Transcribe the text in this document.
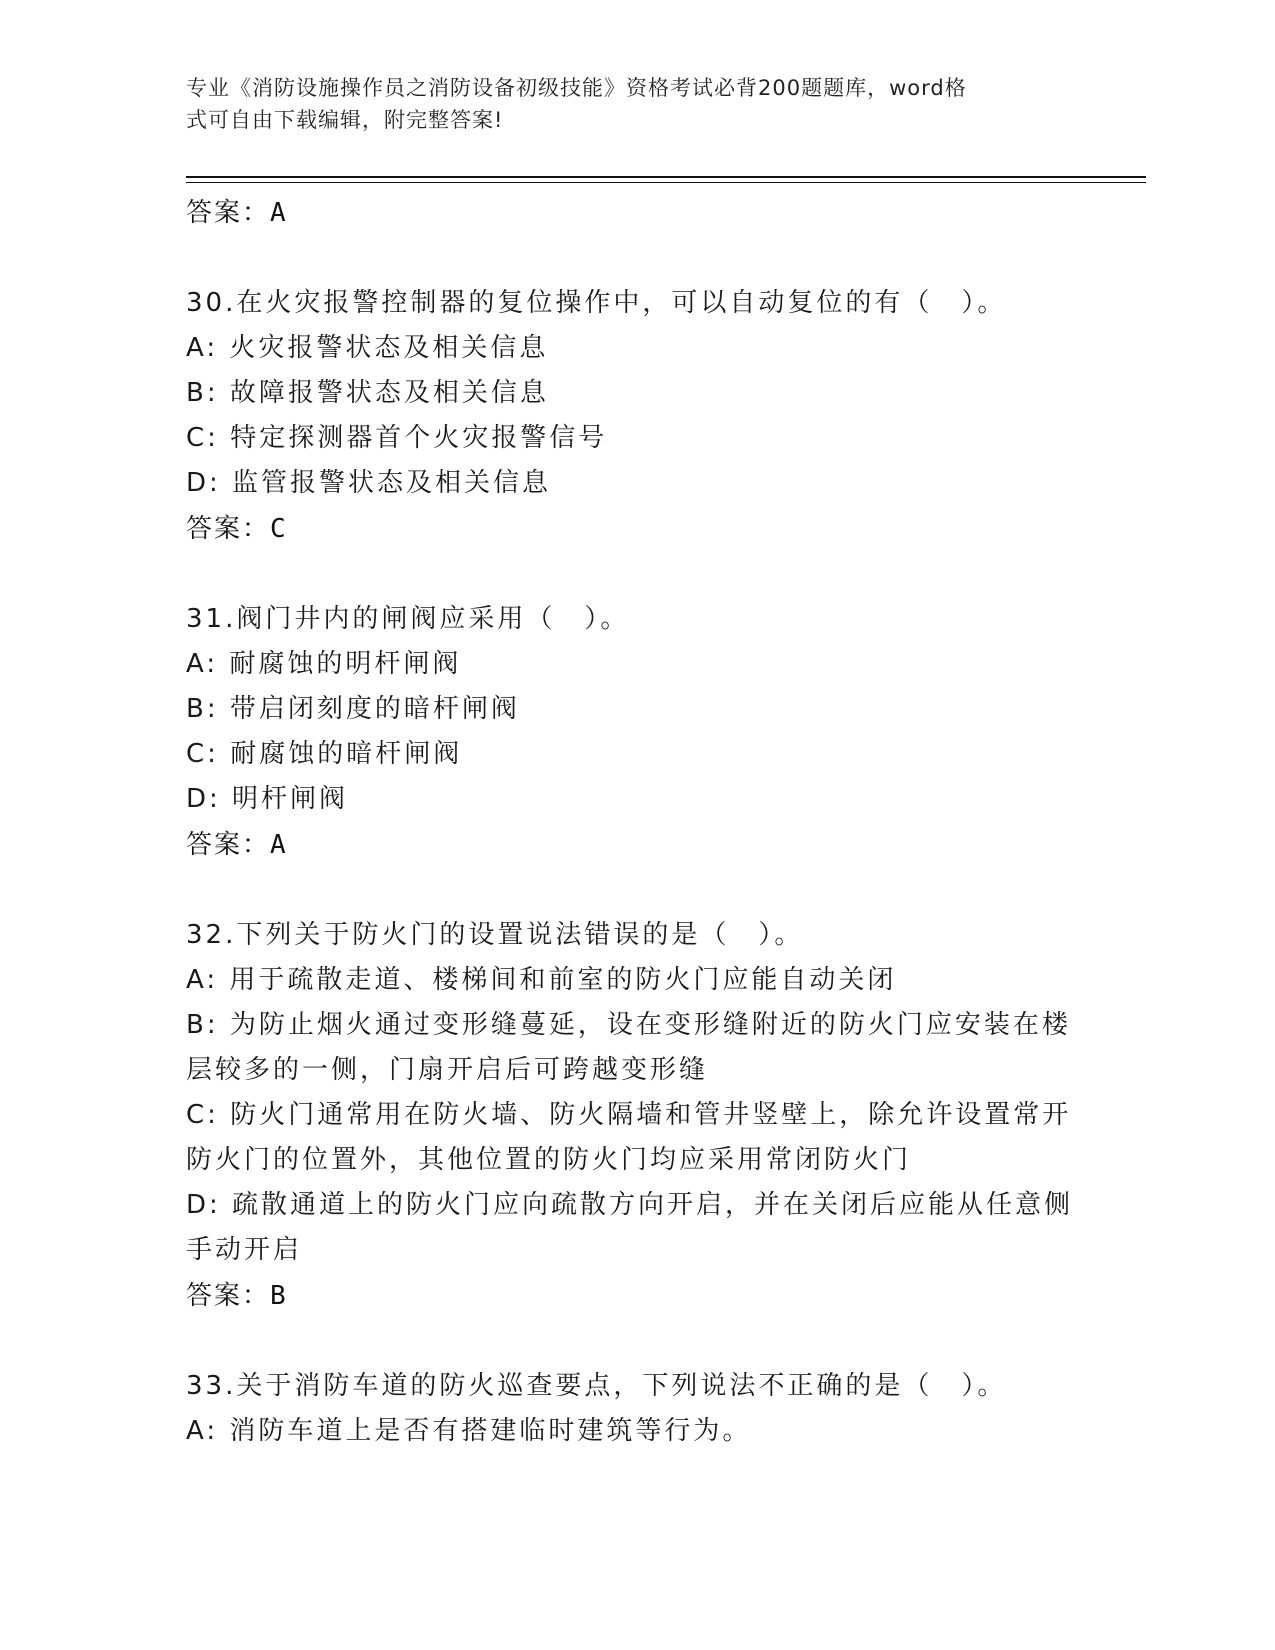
专业《消防设施操作员之消防设备初级技能》资格考试必背200题题库，word格
式可自由下载编辑，附完整答案!
答案：A
30.在火灾报警控制器的复位操作中，可以自动复位的有（　）。
A: 火灾报警状态及相关信息
B: 故障报警状态及相关信息
C: 特定探测器首个火灾报警信号
D: 监管报警状态及相关信息
答案：C
31.阀门井内的闸阀应采用（　）。
A: 耐腐蚀的明杆闸阀
B: 带启闭刻度的暗杆闸阀
C: 耐腐蚀的暗杆闸阀
D: 明杆闸阀
答案：A
32.下列关于防火门的设置说法错误的是（　）。
A: 用于疏散走道、楼梯间和前室的防火门应能自动关闭
B: 为防止烟火通过变形缝蔓延，设在变形缝附近的防火门应安装在楼层较多的一侧，门扇开启后可跨越变形缝
C: 防火门通常用在防火墙、防火隔墙和管井竖壁上，除允许设置常开防火门的位置外，其他位置的防火门均应采用常闭防火门
D: 疏散通道上的防火门应向疏散方向开启，并在关闭后应能从任意侧手动开启
答案：B
33.关于消防车道的防火巡查要点，下列说法不正确的是（　）。
A: 消防车道上是否有搭建临时建筑等行为。
